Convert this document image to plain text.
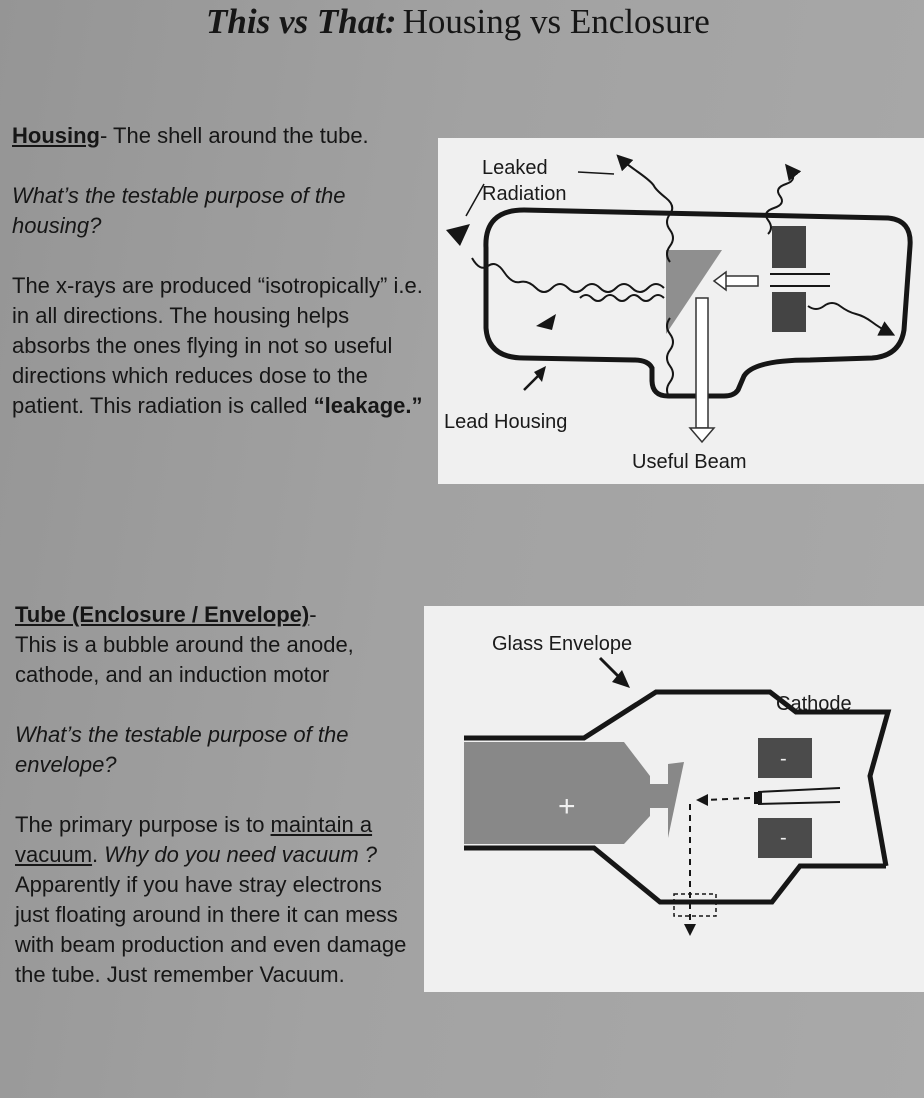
This vs That: Housing vs Enclosure

Housing- The shell around the tube.

What’s the testable purpose of the housing?

The x-rays are produced “isotropically” i.e. in all directions. The housing helps absorbs the ones flying in not so useful directions which reduces dose to the patient. This radiation is called “leakage.”

Tube (Enclosure / Envelope)-

This is a bubble around the anode, cathode, and an induction motor

What’s the testable purpose of the envelope?

The primary purpose is to maintain a vacuum. Why do you need vacuum ? Apparently if you have stray electrons just floating around in there it can mess with beam production and even damage the tube. Just remember Vacuum.

Leaked
Radiation
Lead Housing
Useful Beam
+
-
-
Glass Envelope
Cathode
